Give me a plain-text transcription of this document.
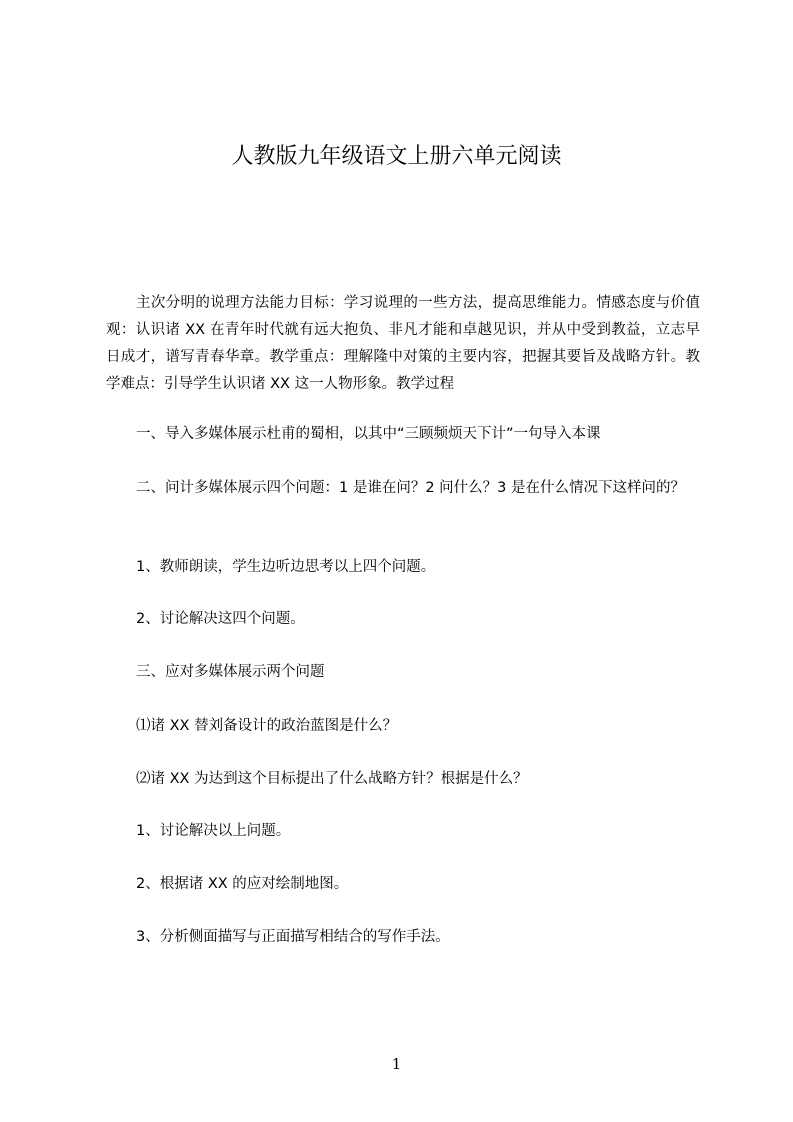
人教版九年级语文上册六单元阅读
主次分明的说理方法能力目标：学习说理的一些方法，提高思维能力。情感态度与价值观：认识诸 XX 在青年时代就有远大抱负、非凡才能和卓越见识，并从中受到教益，立志早日成才，谱写青春华章。教学重点：理解隆中对策的主要内容，把握其要旨及战略方针。教学难点：引导学生认识诸 XX 这一人物形象。教学过程
一、导入多媒体展示杜甫的蜀相，以其中“三顾频烦天下计”一句导入本课
二、问计多媒体展示四个问题：1 是谁在问？2 问什么？3 是在什么情况下这样问的？
1、教师朗读，学生边听边思考以上四个问题。
2、讨论解决这四个问题。
三、应对多媒体展示两个问题
⑴诸 XX 替刘备设计的政治蓝图是什么？
⑵诸 XX 为达到这个目标提出了什么战略方针？根据是什么？
1、讨论解决以上问题。
2、根据诸 XX 的应对绘制地图。
3、分析侧面描写与正面描写相结合的写作手法。
1
